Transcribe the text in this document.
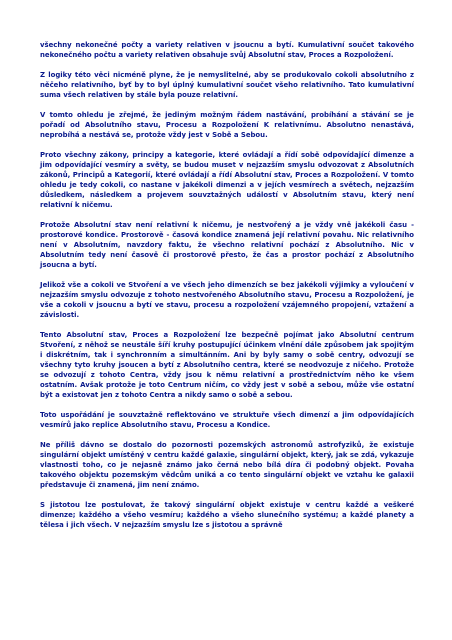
všechny nekonečné počty a variety relativen v jsoucnu a bytí. Kumulativní součet takového nekonečného počtu a variety relativen obsahuje svůj Absolutní stav, Proces a Rozpoložení.

Z logiky této věci nicméně plyne, že je nemyslitelné, aby se produkovalo cokoli absolutního z něčeho relativního, byť by to byl úplný kumulativní součet všeho relativního. Tato kumulativní suma všech relativen by stále byla pouze relativní.

V tomto ohledu je zřejmé, že jediným možným řádem nastávání, probíhání a stávání se je pořadí od Absolutního stavu, Procesu a Rozpoložení K relativnímu. Absolutno nenastává, neprobíhá a nestává se, protože vždy jest v Sobě a Sebou.

Proto všechny zákony, principy a kategorie, které ovládají a řídí sobě odpovídající dimenze a jim odpovídající vesmíry a světy, se budou muset v nejzazším smyslu odvozovat z Absolutních zákonů, Principů a Kategorií, které ovládají a řídí Absolutní stav, Proces a Rozpoložení. V tomto ohledu je tedy cokoli, co nastane v jakékoli dimenzi a v jejích vesmírech a světech, nejzazším důsledkem, následkem a projevem souvztažných událostí v Absolutním stavu, který není relativní k ničemu.

Protože Absolutní stav není relativní k ničemu, je nestvořený a je vždy vně jakékoli času - prostorové kondice. Prostorově - časová kondice znamená její relativní povahu. Nic relativního není v Absolutním, navzdory faktu, že všechno relativní pochází z Absolutního. Nic v Absolutním tedy není časově či prostorově přesto, že čas a prostor pochází z Absolutního jsoucna a bytí.

Jelikož vše a cokoli ve Stvoření a ve všech jeho dimenzích se bez jakékoli výjimky a vyloučení v nejzazším smyslu odvozuje z tohoto nestvořeného Absolutního stavu, Procesu a Rozpoložení, je vše a cokoli v jsoucnu a bytí ve stavu, procesu a rozpoložení vzájemného propojení, vztažení a závislosti.

Tento Absolutní stav, Proces a Rozpoložení lze bezpečně pojímat jako Absolutní centrum Stvoření, z něhož se neustále šíří kruhy postupující účinkem vlnění dále způsobem jak spojitým i diskrétním, tak i synchronním a simultánním. Ani by byly samy o sobě centry, odvozují se všechny tyto kruhy jsoucen a bytí z Absolutního centra, které se neodvozuje z ničeho. Protože se odvozují z tohoto Centra, vždy jsou k němu relativní a prostřednictvím něho ke všem ostatním. Avšak protože je toto Centrum ničím, co vždy jest v sobě a sebou, může vše ostatní být a existovat jen z tohoto Centra a nikdy samo o sobě a sebou.

Toto uspořádání je souvztažně reflektováno ve struktuře všech dimenzí a jim odpovídajících vesmírů jako replice Absolutního stavu, Procesu a Kondice.

Ne příliš dávno se dostalo do pozornosti pozemských astronomů astrofyziků, že existuje singulární objekt umístěný v centru každé galaxie, singulární objekt, který, jak se zdá, vykazuje vlastnosti toho, co je nejasně známo jako černá nebo bílá díra či podobný objekt. Povaha takového objektu pozemským vědcům uniká a co tento singulární objekt ve vztahu ke galaxii představuje či znamená, jim není známo.

S jistotou lze postulovat, že takový singulární objekt existuje v centru každé a veškeré dimenze; každého a všeho vesmíru; každého a všeho slunečního systému; a každé planety a tělesa i jich všech. V nejzazším smyslu lze s jistotou a správně
